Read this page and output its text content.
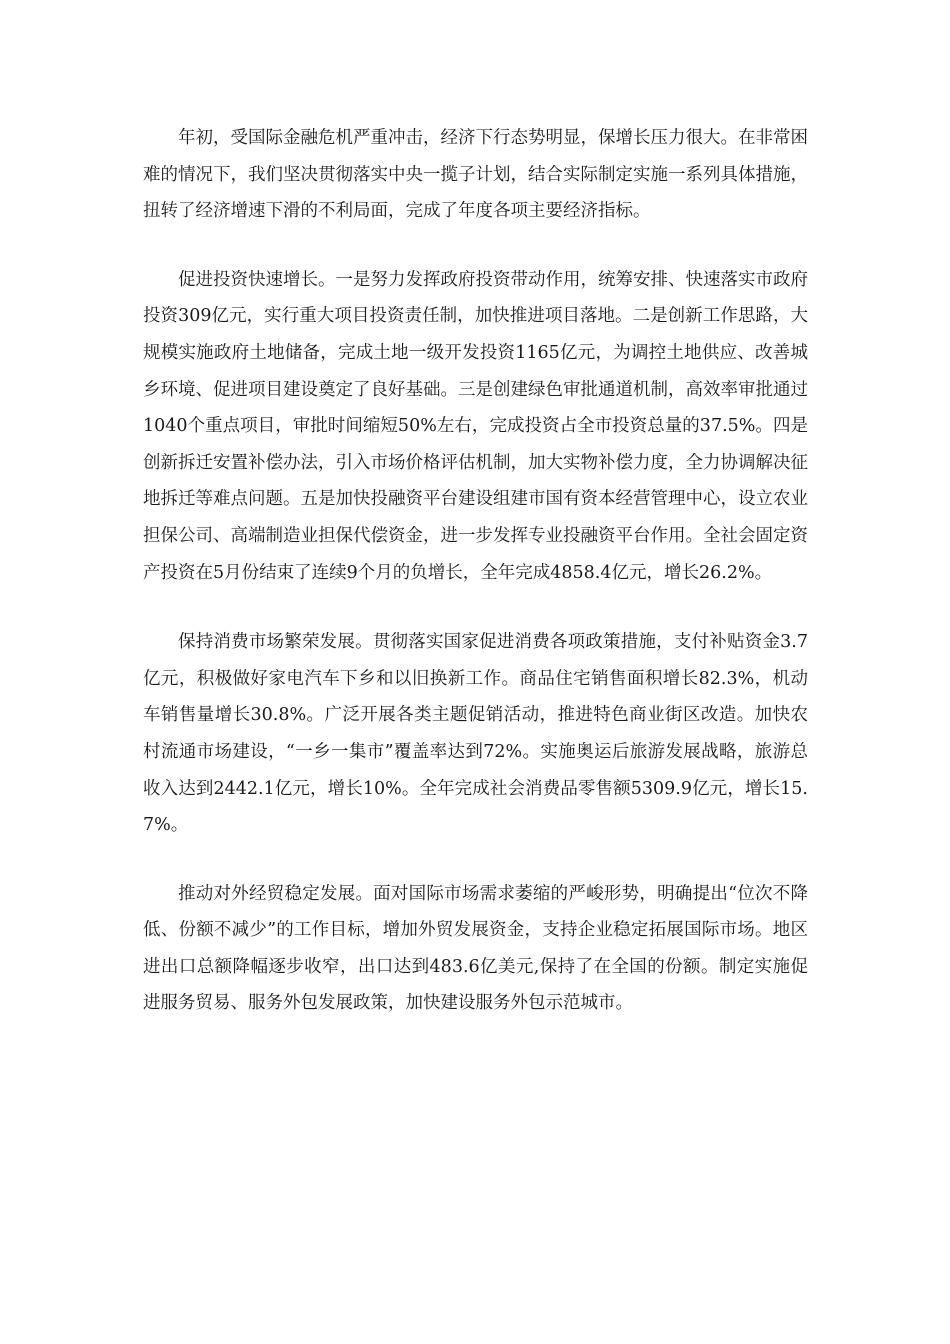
年初，受国际金融危机严重冲击，经济下行态势明显，保增长压力很大。在非常困难的情况下，我们坚决贯彻落实中央一揽子计划，结合实际制定实施一系列具体措施，扭转了经济增速下滑的不利局面，完成了年度各项主要经济指标。

促进投资快速增长。一是努力发挥政府投资带动作用，统筹安排、快速落实市政府投资309亿元，实行重大项目投资责任制，加快推进项目落地。二是创新工作思路，大规模实施政府土地储备，完成土地一级开发投资1165亿元，为调控土地供应、改善城乡环境、促进项目建设奠定了良好基础。三是创建绿色审批通道机制，高效率审批通过1040个重点项目，审批时间缩短50%左右，完成投资占全市投资总量的37.5%。四是创新拆迁安置补偿办法，引入市场价格评估机制，加大实物补偿力度，全力协调解决征地拆迁等难点问题。五是加快投融资平台建设组建市国有资本经营管理中心，设立农业担保公司、高端制造业担保代偿资金，进一步发挥专业投融资平台作用。全社会固定资产投资在5月份结束了连续9个月的负增长，全年完成4858.4亿元，增长26.2%。

保持消费市场繁荣发展。贯彻落实国家促进消费各项政策措施，支付补贴资金3.7亿元，积极做好家电汽车下乡和以旧换新工作。商品住宅销售面积增长82.3%，机动车销售量增长30.8%。广泛开展各类主题促销活动，推进特色商业街区改造。加快农村流通市场建设，“一乡一集市”覆盖率达到72%。实施奥运后旅游发展战略，旅游总收入达到2442.1亿元，增长10%。全年完成社会消费品零售额5309.9亿元，增长15.7%。

推动对外经贸稳定发展。面对国际市场需求萎缩的严峻形势，明确提出“位次不降低、份额不减少”的工作目标，增加外贸发展资金，支持企业稳定拓展国际市场。地区进出口总额降幅逐步收窄，出口达到483.6亿美元,保持了在全国的份额。制定实施促进服务贸易、服务外包发展政策，加快建设服务外包示范城市。
